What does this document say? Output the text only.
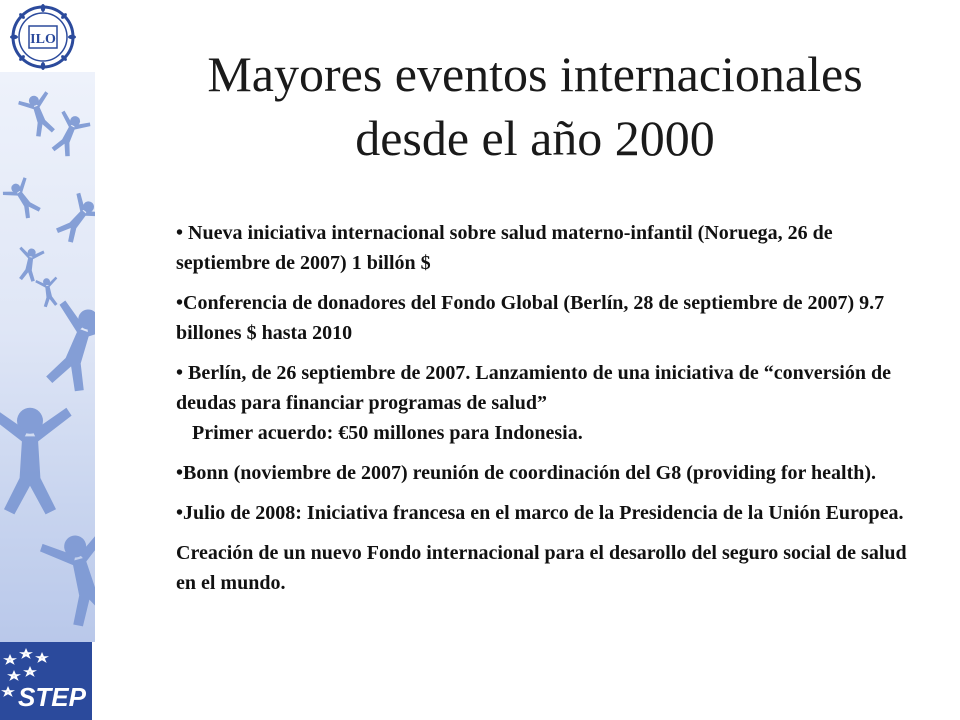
ILO
STEP
Mayores eventos internacionales
desde el año 2000
• Nueva iniciativa internacional sobre salud materno-infantil (Noruega, 26 de septiembre de 2007) 1 billón $
•Conferencia de donadores del Fondo Global (Berlín, 28 de septiembre de 2007) 9.7 billones $ hasta 2010
• Berlín, de 26 septiembre de 2007. Lanzamiento de una iniciativa de “conversión de deudas para financiar programas de salud”
Primer acuerdo: €50 millones para Indonesia.
•Bonn (noviembre de 2007) reunión de coordinación del G8 (providing for health).
•Julio de 2008: Iniciativa francesa en el marco de la Presidencia de la Unión Europea.
Creación de un nuevo Fondo internacional para el desarollo del seguro social de salud en el mundo.
